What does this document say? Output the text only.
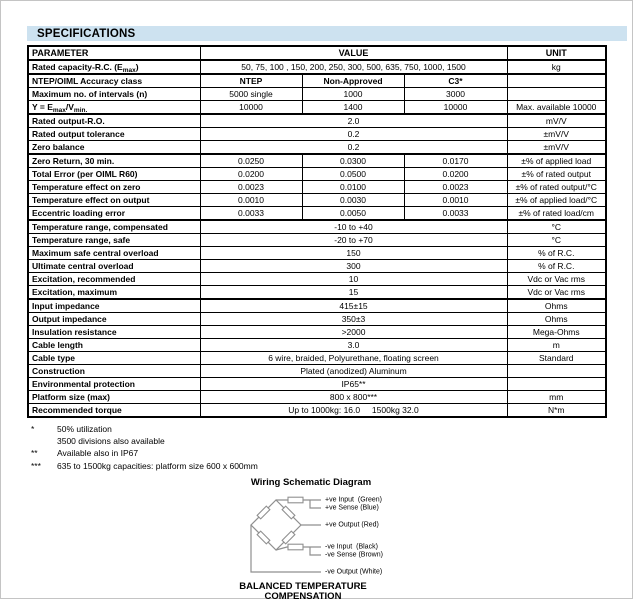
SPECIFICATIONS
PARAMETER	VALUE			UNIT
Rated capacity-R.C. $(E_{max})$	50, 75, 100 , 150, 200, 250, 300, 500, 635, 750, 1000, 1500			kg
NTEP/OIML Accuracy class	NTEP	Non-Approved	C3*	
Maximum no. of intervals (n)	5000 single	1000	3000	
$Y = E_{max}/V_{min.}$	10000	1400	10000	Max. available 10000
Rated output-R.O.	2.0			mV/V
Rated output tolerance	0.2			±mV/V
Zero balance	0.2			±mV/V
Zero Return, 30 min.	0.0250	0.0300	0.0170	±% of applied load
Total Error (per OIML R60)	0.0200	0.0500	0.0200	±% of rated output
Temperature effect on zero	0.0023	0.0100	0.0023	±% of rated output/°C
Temperature effect on output	0.0010	0.0030	0.0010	±% of applied load/°C
Eccentric loading error	0.0033	0.0050	0.0033	±% of rated load/cm
Temperature range, compensated	-10 to +40			°C
Temperature range, safe	-20 to +70			°C
Maximum safe central overload	150			% of R.C.
Ultimate central overload	300			% of R.C.
Excitation, recommended	10			Vdc or Vac rms
Excitation, maximum	15			Vdc or Vac rms
Input impedance	415±15			Ohms
Output impedance	350±3			Ohms
Insulation resistance	>2000			Mega-Ohms
Cable length	3.0			m
Cable type	6 wire, braided, Polyurethane, floating screen			Standard
Construction	Plated (anodized) Aluminum			
Environmental protection	IP65**			
Platform size (max)	800 x 800***			mm
Recommended torque	Up to 1000kg: 16.0     1500kg 32.0			N*m
*	50% utilization
3500 divisions also available
**	Available also in IP67
***	635 to 1500kg capacities: platform size 600 x 600mm
Wiring Schematic Diagram
+ve Input  (Green)
+ve Sense (Blue)
+ve Output (Red)
-ve Input  (Black)
-ve Sense (Brown)
-ve Output (White)
BALANCED TEMPERATURE
COMPENSATION
